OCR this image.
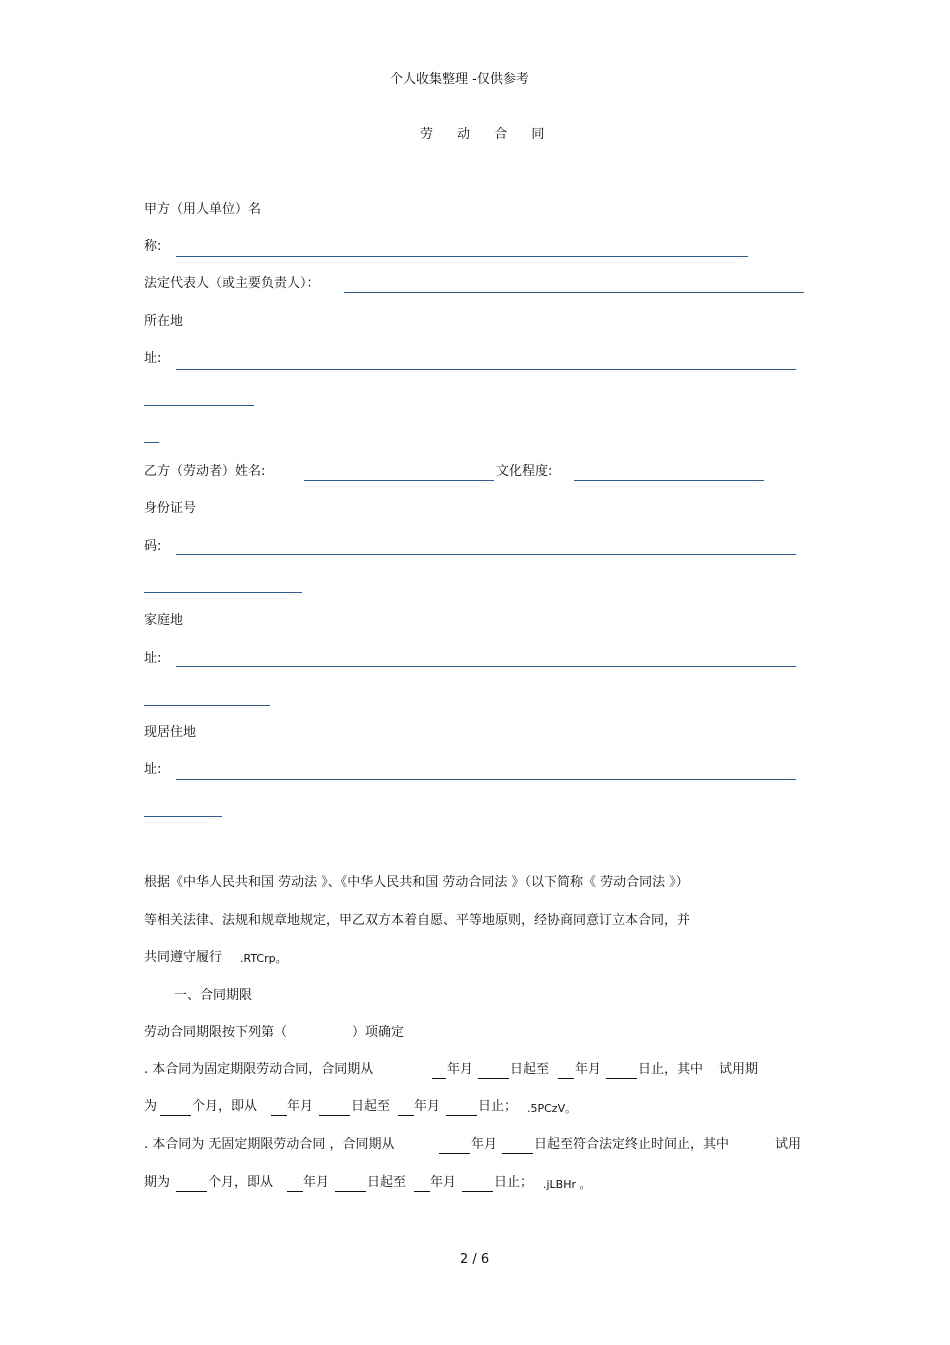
个人收集整理 -仅供参考
劳 动 合 同
甲方（用人单位）名
称:
法定代表人（或主要负责人）：
所在地
址:
乙方（劳动者）姓名:	文化程度:
身份证号
码:
家庭地
址:
现居住地
址:
根据《中华人民共和国 劳动法 》、《中华人民共和国 劳动合同法 》（以下简称《 劳动合同法 》）
等相关法律、法规和规章地规定，甲乙双方本着自愿、平等地原则，经协商同意订立本合同，并
共同遵守履行 .RTCrp。
一、合同期限
劳动合同期限按下列第（	）项确定
. 本合同为固定期限劳动合同，合同期从	年月	日起至 年月	日止，其中 试用期
为	个月，即从 年月	日起至 年月	日止； .5PCzV。
. 本合同为 无固定期限劳动合同 ，合同期从	年月	日起至符合法定终止时间止，其中	试用
期为	个月，即从 年月	日起至 年月	日止； .jLBHr 。
2 / 6
